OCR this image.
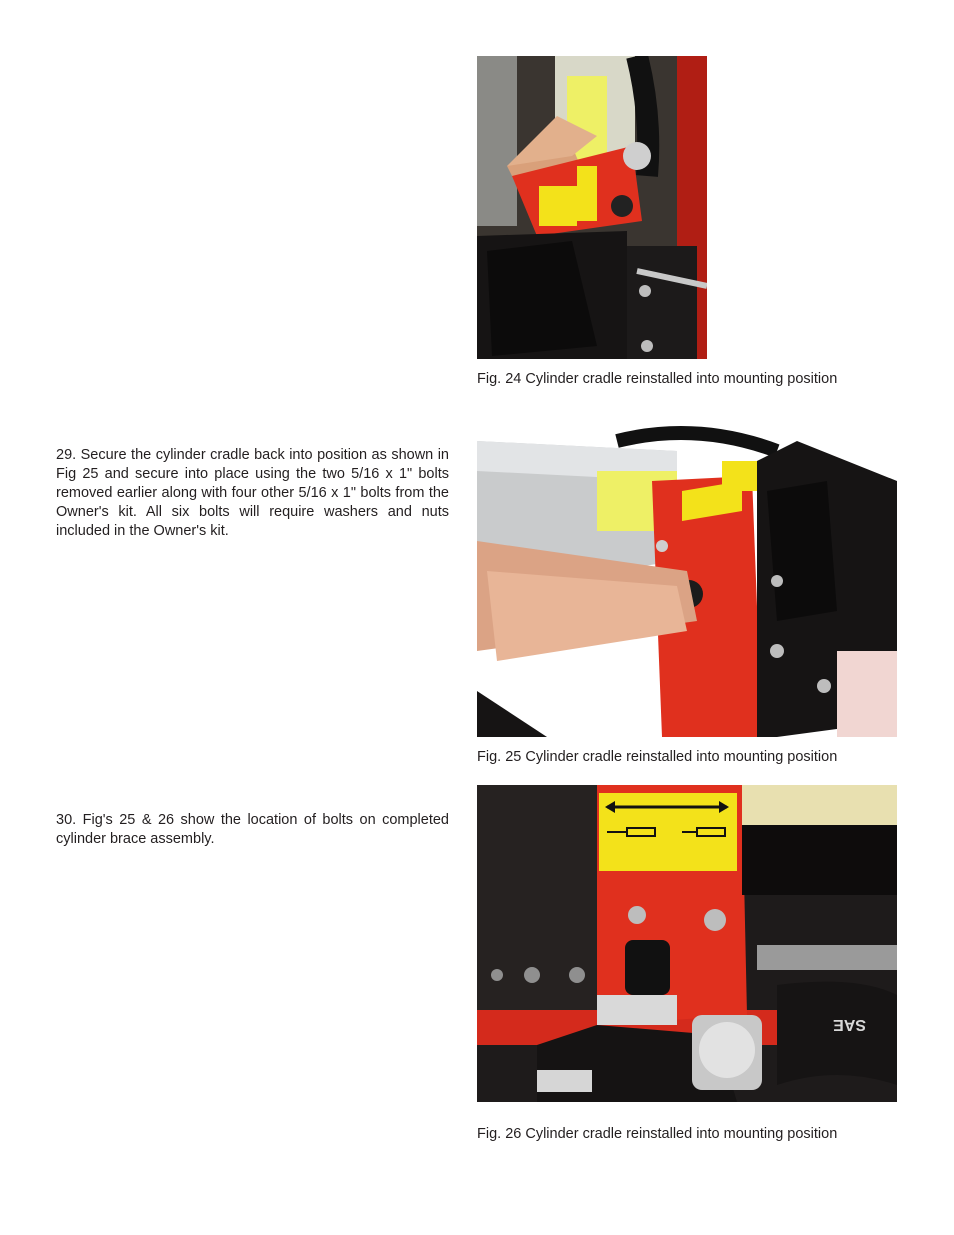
Fig. 24 Cylinder cradle reinstalled into mounting position
29. Secure the cylinder cradle back into position as shown in Fig 25 and secure into place using the two 5/16 x 1" bolts removed earlier along with four other 5/16 x 1" bolts from the Owner's kit. All six bolts will require washers and nuts included in the Owner's kit.
Fig. 25 Cylinder cradle reinstalled into mounting position
30. Fig's 25 & 26 show the location of bolts on completed cylinder brace assembly.
SAE
Fig. 26 Cylinder cradle reinstalled into mounting position
